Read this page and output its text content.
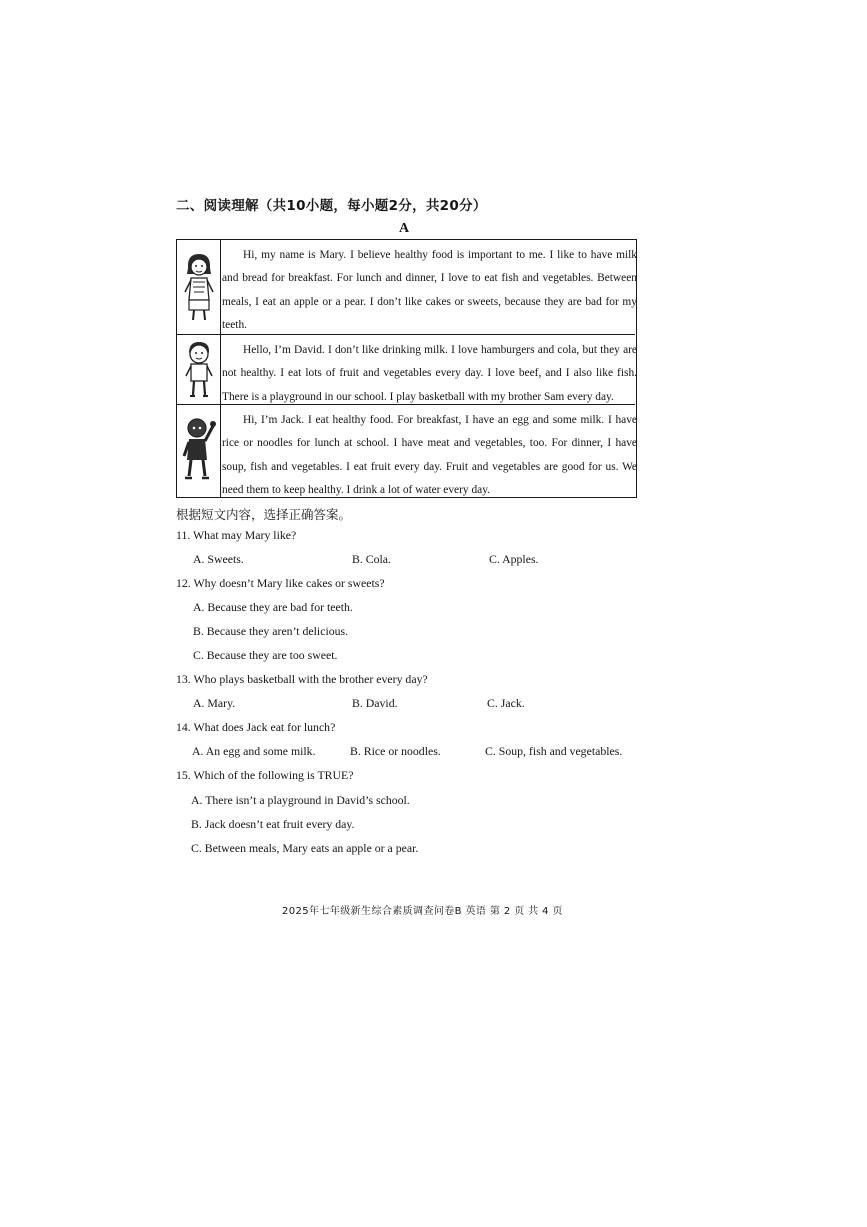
二、阅读理解（共10小题，每小题2分，共20分）
A

Hi, my name is Mary. I believe healthy food is important to me. I like to have milk and bread for breakfast. For lunch and dinner, I love to eat fish and vegetables. Between meals, I eat an apple or a pear. I don’t like cakes or sweets, because they are bad for my teeth.

Hello, I’m David. I don’t like drinking milk. I love hamburgers and cola, but they are not healthy. I eat lots of fruit and vegetables every day. I love beef, and I also like fish. There is a playground in our school. I play basketball with my brother Sam every day.

Hi, I’m Jack. I eat healthy food. For breakfast, I have an egg and some milk. I have rice or noodles for lunch at school. I have meat and vegetables, too. For dinner, I have soup, fish and vegetables. I eat fruit every day. Fruit and vegetables are good for us. We need them to keep healthy. I drink a lot of water every day.

根据短文内容，选择正确答案。
11. What may Mary like?
A. Sweets.	B. Cola.	C. Apples.
12. Why doesn’t Mary like cakes or sweets?
A. Because they are bad for teeth.
B. Because they aren’t delicious.
C. Because they are too sweet.
13. Who plays basketball with the brother every day?
A. Mary.	B. David.	C. Jack.
14. What does Jack eat for lunch?
A. An egg and some milk.	B. Rice or noodles.	C. Soup, fish and vegetables.
15. Which of the following is TRUE?
A. There isn’t a playground in David’s school.
B. Jack doesn’t eat fruit every day.
C. Between meals, Mary eats an apple or a pear.
2025年七年级新生综合素质调查问卷B 英语 第 2 页 共 4 页
